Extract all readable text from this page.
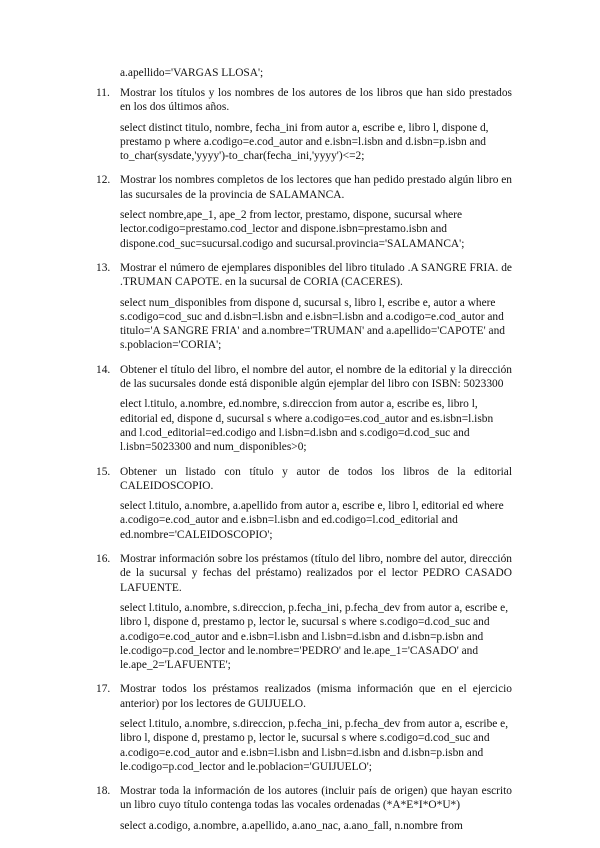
a.apellido='VARGAS LLOSA';

11. Mostrar los títulos y los nombres de los autores de los libros que han sido prestados en los dos últimos años.

select distinct titulo, nombre, fecha_ini from autor a, escribe e, libro l, dispone d, prestamo p where a.codigo=e.cod_autor and e.isbn=l.isbn and d.isbn=p.isbn and to_char(sysdate,'yyyy')-to_char(fecha_ini,'yyyy')<=2;

12. Mostrar los nombres completos de los lectores que han pedido prestado algún libro en las sucursales de la provincia de SALAMANCA.

select nombre,ape_1, ape_2 from lector, prestamo, dispone, sucursal where lector.codigo=prestamo.cod_lector and dispone.isbn=prestamo.isbn and dispone.cod_suc=sucursal.codigo and sucursal.provincia='SALAMANCA';

13. Mostrar el número de ejemplares disponibles del libro titulado .A SANGRE FRIA. de .TRUMAN CAPOTE. en la sucursal de CORIA (CACERES).

select num_disponibles from dispone d, sucursal s, libro l, escribe e, autor a where s.codigo=cod_suc and d.isbn=l.isbn and e.isbn=l.isbn and a.codigo=e.cod_autor and titulo='A SANGRE FRIA' and a.nombre='TRUMAN' and a.apellido='CAPOTE' and s.poblacion='CORIA';

14. Obtener el título del libro, el nombre del autor, el nombre de la editorial y la dirección de las sucursales donde está disponible algún ejemplar del libro con ISBN: 5023300

elect l.titulo, a.nombre, ed.nombre, s.direccion from autor a, escribe es, libro l, editorial ed, dispone d, sucursal s where a.codigo=es.cod_autor and es.isbn=l.isbn and l.cod_editorial=ed.codigo and l.isbn=d.isbn and s.codigo=d.cod_suc and l.isbn=5023300 and num_disponibles>0;

15. Obtener un listado con título y autor de todos los libros de la editorial CALEIDOSCOPIO.

select l.titulo, a.nombre, a.apellido from autor a, escribe e, libro l, editorial ed where a.codigo=e.cod_autor and e.isbn=l.isbn and ed.codigo=l.cod_editorial and ed.nombre='CALEIDOSCOPIO';

16. Mostrar información sobre los préstamos (título del libro, nombre del autor, dirección de la sucursal y fechas del préstamo) realizados por el lector PEDRO CASADO LAFUENTE.

select l.titulo, a.nombre, s.direccion, p.fecha_ini, p.fecha_dev from autor a, escribe e, libro l, dispone d, prestamo p, lector le, sucursal s where s.codigo=d.cod_suc and a.codigo=e.cod_autor and e.isbn=l.isbn and l.isbn=d.isbn and d.isbn=p.isbn and le.codigo=p.cod_lector and le.nombre='PEDRO' and le.ape_1='CASADO' and le.ape_2='LAFUENTE';

17. Mostrar todos los préstamos realizados (misma información que en el ejercicio anterior) por los lectores de GUIJUELO.

select l.titulo, a.nombre, s.direccion, p.fecha_ini, p.fecha_dev from autor a, escribe e, libro l, dispone d, prestamo p, lector le, sucursal s where s.codigo=d.cod_suc and a.codigo=e.cod_autor and e.isbn=l.isbn and l.isbn=d.isbn and d.isbn=p.isbn and le.codigo=p.cod_lector and le.poblacion='GUIJUELO';

18. Mostrar toda la información de los autores (incluir país de origen) que hayan escrito un libro cuyo título contenga todas las vocales ordenadas (*A*E*I*O*U*)

select a.codigo, a.nombre, a.apellido, a.ano_nac, a.ano_fall, n.nombre from
